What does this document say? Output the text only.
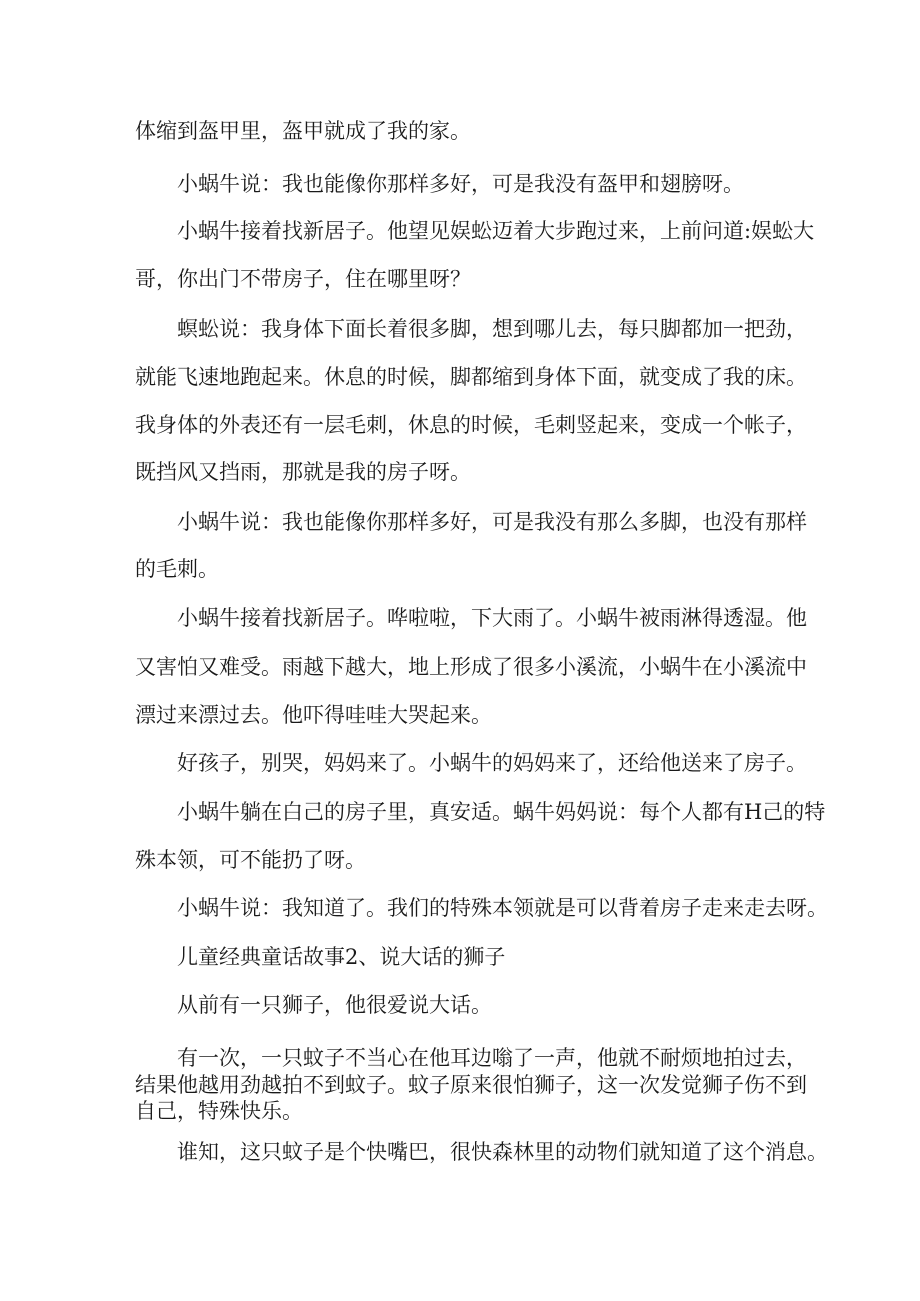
体缩到盔甲里，盔甲就成了我的家。
小蜗牛说：我也能像你那样多好，可是我没有盔甲和翅膀呀。
小蜗牛接着找新居子。他望见娱蚣迈着大步跑过来，上前问道:娱蚣大
哥，你出门不带房子，住在哪里呀？
螟蚣说：我身体下面长着很多脚，想到哪儿去，每只脚都加一把劲，
就能飞速地跑起来。休息的时候，脚都缩到身体下面，就变成了我的床。
我身体的外表还有一层毛刺，休息的时候，毛刺竖起来，变成一个帐子，
既挡风又挡雨，那就是我的房子呀。
小蜗牛说：我也能像你那样多好，可是我没有那么多脚，也没有那样
的毛刺。
小蜗牛接着找新居子。哗啦啦，下大雨了。小蜗牛被雨淋得透湿。他
又害怕又难受。雨越下越大，地上形成了很多小溪流，小蜗牛在小溪流中
漂过来漂过去。他吓得哇哇大哭起来。
好孩子，别哭，妈妈来了。小蜗牛的妈妈来了，还给他送来了房子。
小蜗牛躺在白己的房子里，真安适。蜗牛妈妈说：每个人都有H己的特
殊本领，可不能扔了呀。
小蜗牛说：我知道了。我们的特殊本领就是可以背着房子走来走去呀。
儿童经典童话故事2、说大话的狮子
从前有一只狮子，他很爱说大话。
有一次，一只蚊子不当心在他耳边嗡了一声，他就不耐烦地拍过去，
结果他越用劲越拍不到蚊子。蚊子原来很怕狮子，这一次发觉狮子伤不到
自己，特殊快乐。
谁知，这只蚊子是个快嘴巴，很快森林里的动物们就知道了这个消息。
